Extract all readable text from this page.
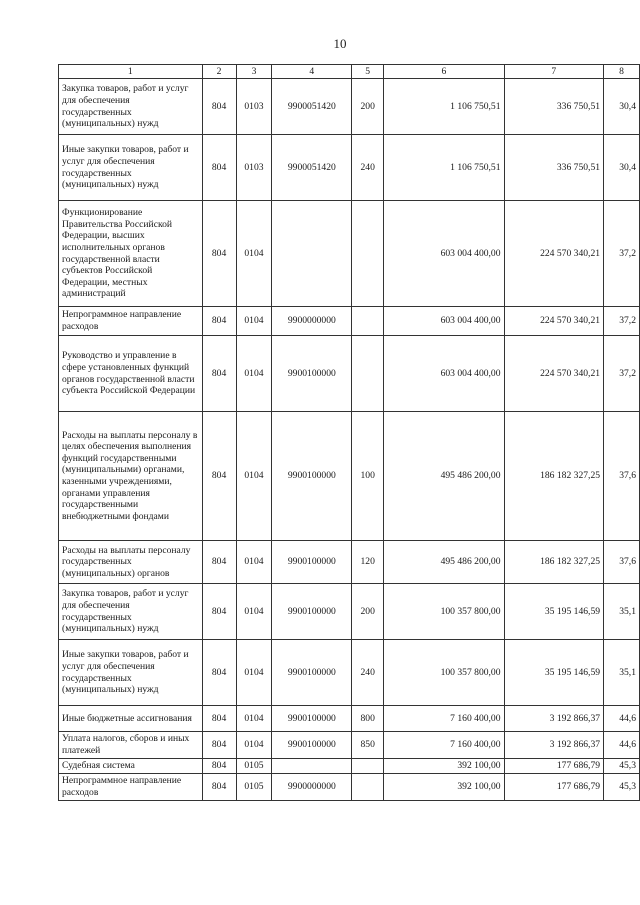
10
1	2	3	4	5	6	7	8
Закупка товаров, работ и услуг для обеспечения государственных (муниципальных) нужд	804	0103	9900051420	200	1 106 750,51	336 750,51	30,4
Иные закупки товаров, работ и услуг для обеспечения государственных (муниципальных) нужд	804	0103	9900051420	240	1 106 750,51	336 750,51	30,4
Функционирование Правительства Российской Федерации, высших исполнительных органов государственной власти субъектов Российской Федерации, местных администраций	804	0104			603 004 400,00	224 570 340,21	37,2
Непрограммное направление расходов	804	0104	9900000000		603 004 400,00	224 570 340,21	37,2
Руководство и управление в сфере установленных функций органов государственной власти субъекта Российской Федерации	804	0104	9900100000		603 004 400,00	224 570 340,21	37,2
Расходы на выплаты персоналу в целях обеспечения выполнения функций государственными (муниципальными) органами, казенными учреждениями, органами управления государственными внебюджетными фондами	804	0104	9900100000	100	495 486 200,00	186 182 327,25	37,6
Расходы на выплаты персоналу государственных (муниципальных) органов	804	0104	9900100000	120	495 486 200,00	186 182 327,25	37,6
Закупка товаров, работ и услуг для обеспечения государственных (муниципальных) нужд	804	0104	9900100000	200	100 357 800,00	35 195 146,59	35,1
Иные закупки товаров, работ и услуг для обеспечения государственных (муниципальных) нужд	804	0104	9900100000	240	100 357 800,00	35 195 146,59	35,1
Иные бюджетные ассигнования	804	0104	9900100000	800	7 160 400,00	3 192 866,37	44,6
Уплата налогов, сборов и иных платежей	804	0104	9900100000	850	7 160 400,00	3 192 866,37	44,6
Судебная система	804	0105			392 100,00	177 686,79	45,3
Непрограммное направление расходов	804	0105	9900000000		392 100,00	177 686,79	45,3
